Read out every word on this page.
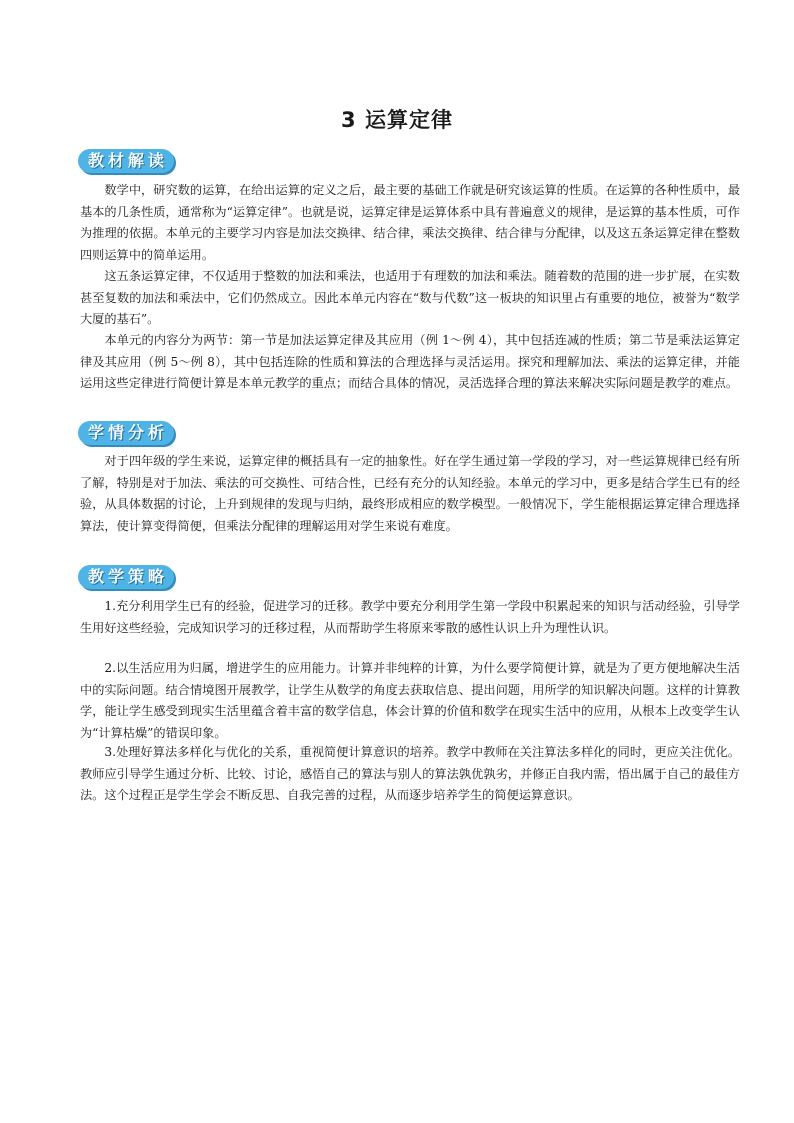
3 运算定律
教 材 解 读

数学中，研究数的运算，在给出运算的定义之后，最主要的基础工作就是研究该运算的性质。在运算的各种性质中，最基本的几条性质，通常称为“运算定律”。也就是说，运算定律是运算体系中具有普遍意义的规律，是运算的基本性质，可作为推理的依据。本单元的主要学习内容是加法交换律、结合律，乘法交换律、结合律与分配律，以及这五条运算定律在整数四则运算中的简单运用。

这五条运算定律，不仅适用于整数的加法和乘法，也适用于有理数的加法和乘法。随着数的范围的进一步扩展，在实数甚至复数的加法和乘法中，它们仍然成立。因此本单元内容在“数与代数”这一板块的知识里占有重要的地位，被誉为“数学大厦的基石”。

本单元的内容分为两节：第一节是加法运算定律及其应用（例 1～例 4），其中包括连减的性质；第二节是乘法运算定律及其应用（例 5～例 8），其中包括连除的性质和算法的合理选择与灵活运用。探究和理解加法、乘法的运算定律，并能运用这些定律进行简便计算是本单元教学的重点；而结合具体的情况，灵活选择合理的算法来解决实际问题是教学的难点。

学 情 分 析

对于四年级的学生来说，运算定律的概括具有一定的抽象性。好在学生通过第一学段的学习，对一些运算规律已经有所了解，特别是对于加法、乘法的可交换性、可结合性，已经有充分的认知经验。本单元的学习中，更多是结合学生已有的经验，从具体数据的讨论，上升到规律的发现与归纳，最终形成相应的数学模型。一般情况下，学生能根据运算定律合理选择算法，使计算变得简便，但乘法分配律的理解运用对学生来说有难度。

教 学 策 略

1.充分利用学生已有的经验，促进学习的迁移。教学中要充分利用学生第一学段中积累起来的知识与活动经验，引导学生用好这些经验，完成知识学习的迁移过程，从而帮助学生将原来零散的感性认识上升为理性认识。

2.以生活应用为归属，增进学生的应用能力。计算并非纯粹的计算，为什么要学简便计算，就是为了更方便地解决生活中的实际问题。结合情境图开展教学，让学生从数学的角度去获取信息、提出问题，用所学的知识解决问题。这样的计算教学，能让学生感受到现实生活里蕴含着丰富的数学信息，体会计算的价值和数学在现实生活中的应用，从根本上改变学生认为“计算枯燥”的错误印象。

3.处理好算法多样化与优化的关系，重视简便计算意识的培养。教学中教师在关注算法多样化的同时，更应关注优化。教师应引导学生通过分析、比较、讨论，感悟自己的算法与别人的算法孰优孰劣，并修正自我内需，悟出属于自己的最佳方法。这个过程正是学生学会不断反思、自我完善的过程，从而逐步培养学生的简便运算意识。
